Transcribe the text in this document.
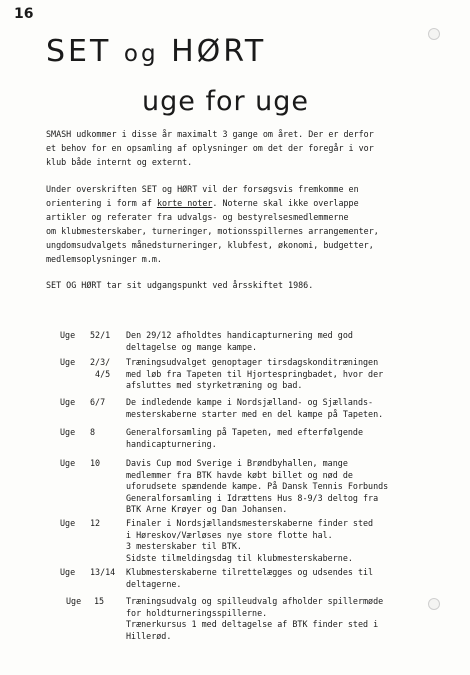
16
SET og HØRT
uge for uge
SMASH udkommer i disse år maximalt 3 gange om året. Der er derfor
et behov for en opsamling af oplysninger om det der foregår i vor
klub både internt og externt.
Under overskriften SET og HØRT vil der forsøgsvis fremkomme en
orientering i form af korte noter. Noterne skal ikke overlappe
artikler og referater fra udvalgs- og bestyrelsesmedlemmerne
om klubmesterskaber, turneringer, motionsspillernes arrangementer,
ungdomsudvalgets månedsturneringer, klubfest, økonomi, budgetter,
medlemsoplysninger m.m.
SET OG HØRT tar sit udgangspunkt ved årsskiftet 1986.
Uge 52/1 Den 29/12 afholdtes handicapturnering med god
deltagelse og mange kampe.
Uge 2/3/
4/5
Træningsudvalget genoptager tirsdagskonditræningen
med løb fra Tapeten til Hjortespringbadet, hvor der
afsluttes med styrketræning og bad.
Uge 6/7 De indledende kampe i Nordsjælland- og Sjællands-
mesterskaberne starter med en del kampe på Tapeten.
Uge 8	Generalforsamling på Tapeten, med efterfølgende
handicapturnering.
Uge 10	Davis Cup mod Sverige i Brøndbyhallen, mange
medlemmer fra BTK havde købt billet og nød de
uforudsete spændende kampe. På Dansk Tennis Forbunds
Generalforsamling i Idrættens Hus 8-9/3 deltog fra
BTK Arne Krøyer og Dan Johansen.
Uge 12	Finaler i Nordsjællandsmesterskaberne finder sted
i Høreskov/Værløses nye store flotte hal.
3 mesterskaber til BTK.
Sidste tilmeldingsdag til klubmesterskaberne.
Uge 13/14 Klubmesterskaberne tilrettelægges og udsendes til
deltagerne.
Uge 15	Træningsudvalg og spilleudvalg afholder spillermøde
for holdturneringsspillerne.
Trænerkursus 1 med deltagelse af BTK finder sted i
Hillerød.
